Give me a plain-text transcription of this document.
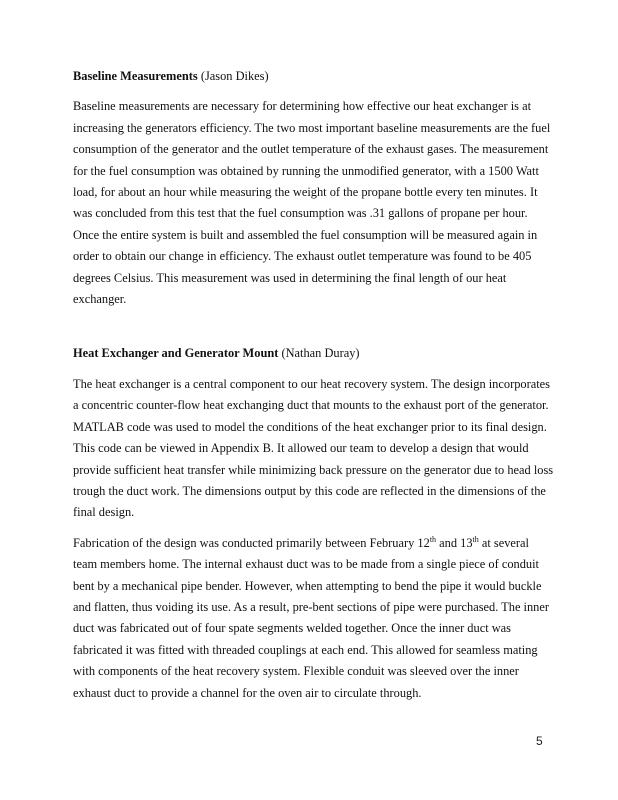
Baseline Measurements (Jason Dikes)
Baseline measurements are necessary for determining how effective our heat exchanger is at
increasing the generators efficiency. The two most important baseline measurements are the fuel
consumption of the generator and the outlet temperature of the exhaust gases. The measurement
for the fuel consumption was obtained by running the unmodified generator, with a 1500 Watt
load, for about an hour while measuring the weight of the propane bottle every ten minutes. It
was concluded from this test that the fuel consumption was .31 gallons of propane per hour.
Once the entire system is built and assembled the fuel consumption will be measured again in
order to obtain our change in efficiency. The exhaust outlet temperature was found to be 405
degrees Celsius. This measurement was used in determining the final length of our heat
exchanger.
Heat Exchanger and Generator Mount (Nathan Duray)
The heat exchanger is a central component to our heat recovery system. The design incorporates
a concentric counter-flow heat exchanging duct that mounts to the exhaust port of the generator.
MATLAB code was used to model the conditions of the heat exchanger prior to its final design.
This code can be viewed in Appendix B. It allowed our team to develop a design that would
provide sufficient heat transfer while minimizing back pressure on the generator due to head loss
trough the duct work. The dimensions output by this code are reflected in the dimensions of the
final design.
Fabrication of the design was conducted primarily between February 12th and 13th at several
team members home. The internal exhaust duct was to be made from a single piece of conduit
bent by a mechanical pipe bender. However, when attempting to bend the pipe it would buckle
and flatten, thus voiding its use. As a result, pre-bent sections of pipe were purchased. The inner
duct was fabricated out of four spate segments welded together. Once the inner duct was
fabricated it was fitted with threaded couplings at each end. This allowed for seamless mating
with components of the heat recovery system. Flexible conduit was sleeved over the inner
exhaust duct to provide a channel for the oven air to circulate through.
5
